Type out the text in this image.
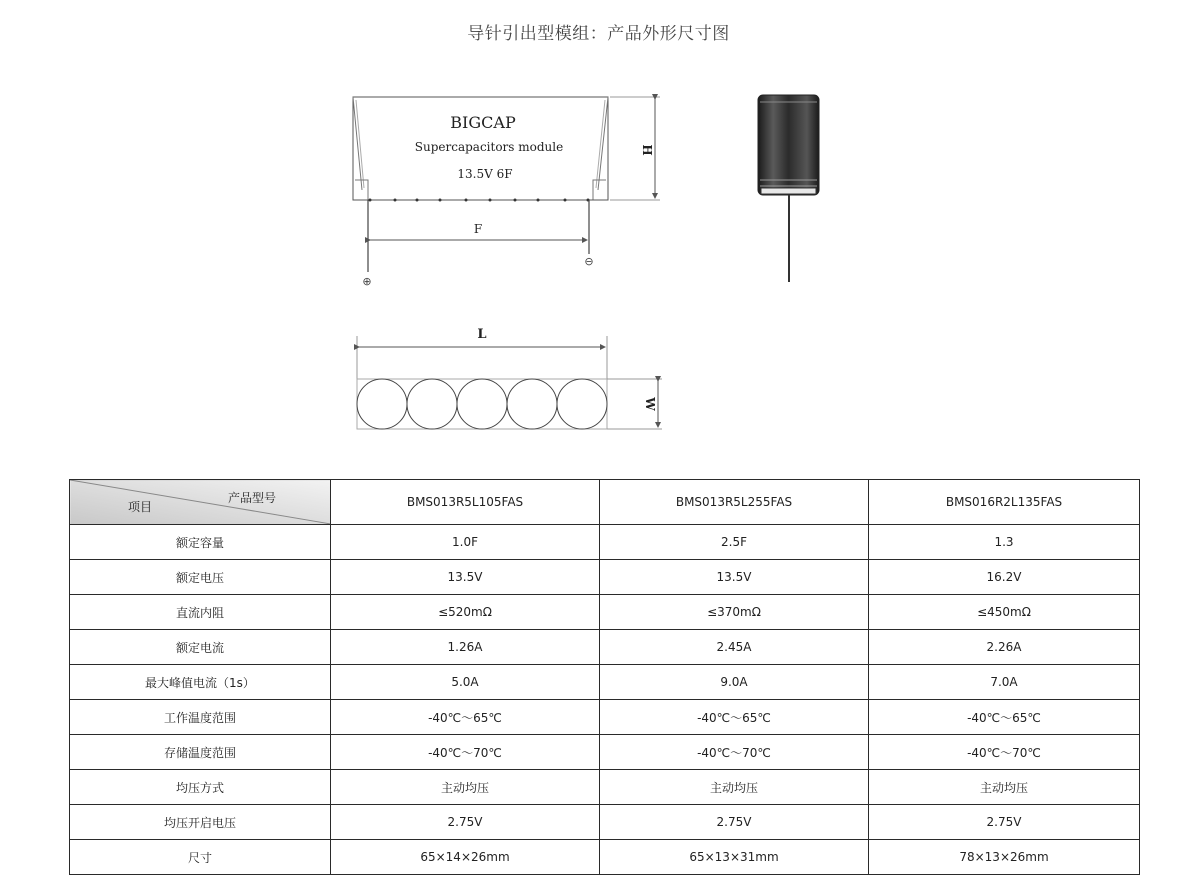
导针引出型模组：产品外形尺寸图
BIGCAP
Supercapacitors module
13.5V 6F
F
H
⊕
⊖
L
W
产品型号
项目	BMS013R5L105FAS	BMS013R5L255FAS	BMS016R2L135FAS
额定容量	1.0F	2.5F	1.3
额定电压	13.5V	13.5V	16.2V
直流内阻	≤520mΩ	≤370mΩ	≤450mΩ
额定电流	1.26A	2.45A	2.26A
最大峰值电流（1s）	5.0A	9.0A	7.0A
工作温度范围	-40℃～65℃	-40℃～65℃	-40℃～65℃
存储温度范围	-40℃～70℃	-40℃～70℃	-40℃～70℃
均压方式	主动均压	主动均压	主动均压
均压开启电压	2.75V	2.75V	2.75V
尺寸	65×14×26mm	65×13×31mm	78×13×26mm
